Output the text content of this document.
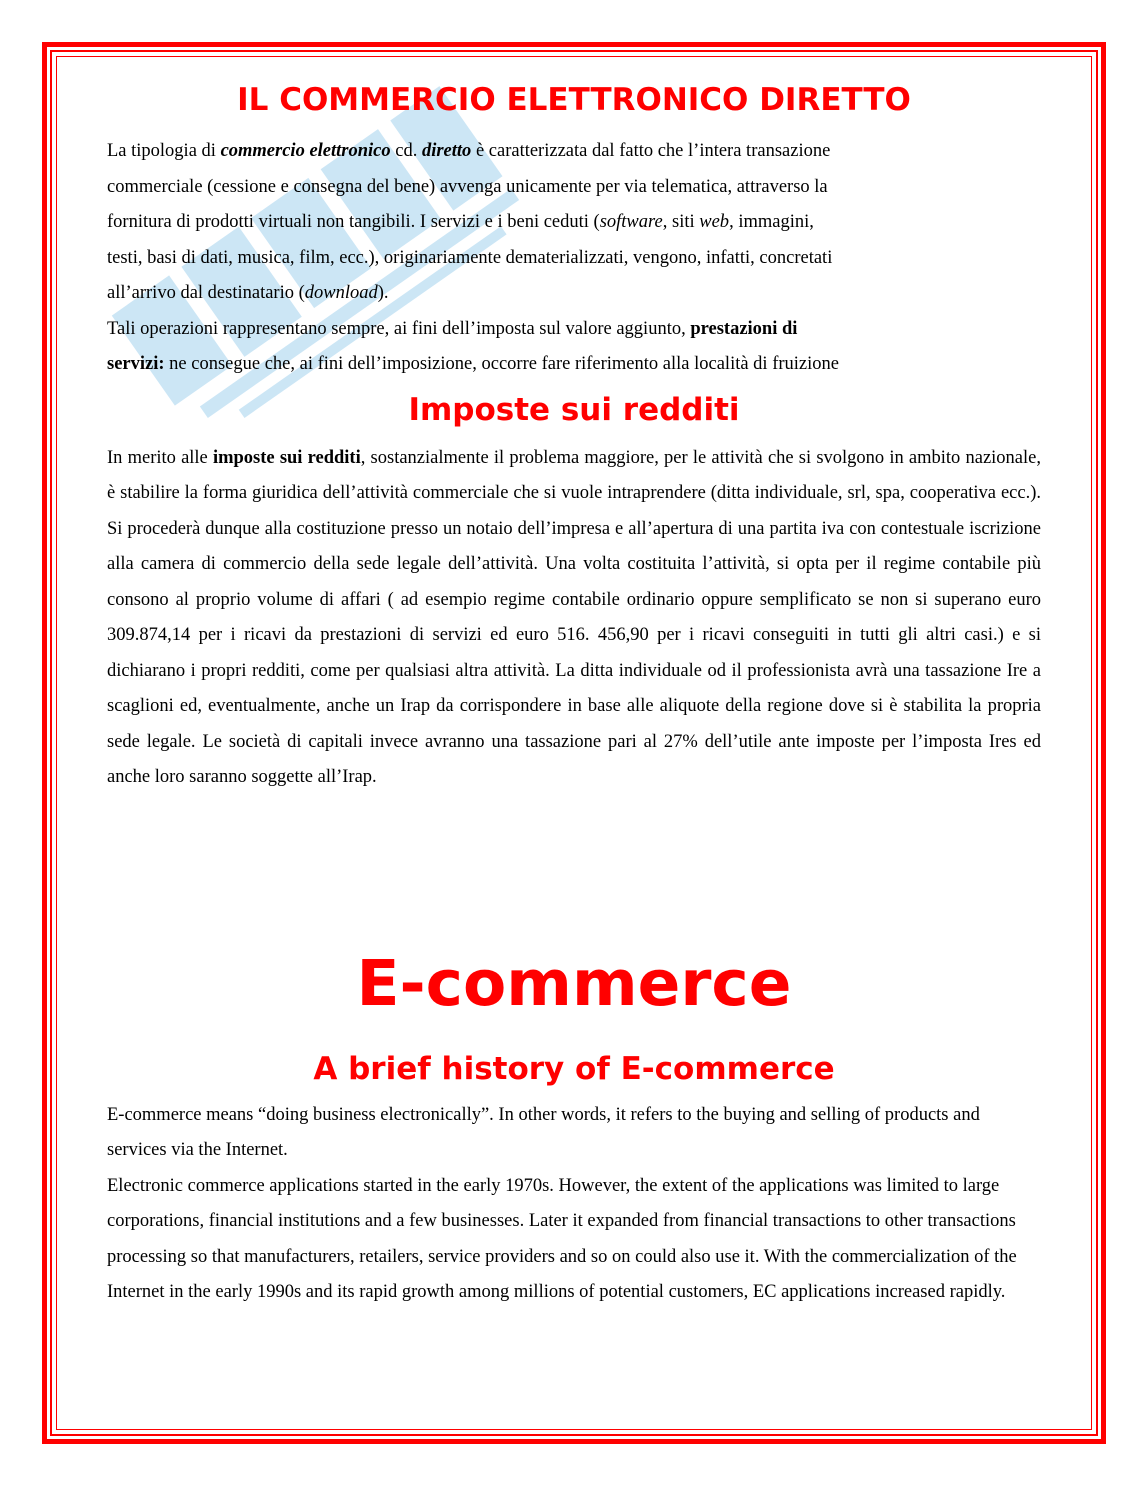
IL COMMERCIO ELETTRONICO DIRETTO

La tipologia di commercio elettronico cd. diretto è caratterizzata dal fatto che l’intera transazione
commerciale (cessione e consegna del bene) avvenga unicamente per via telematica, attraverso la
fornitura di prodotti virtuali non tangibili. I servizi e i beni ceduti (software, siti web, immagini,
testi, basi di dati, musica, film, ecc.), originariamente dematerializzati, vengono, infatti, concretati
all’arrivo dal destinatario (download).

Tali operazioni rappresentano sempre, ai fini dell’imposta sul valore aggiunto, prestazioni di
servizi: ne consegue che, ai fini dell’imposizione, occorre fare riferimento alla località di fruizione

Imposte sui redditi

In merito alle imposte sui redditi, sostanzialmente il problema maggiore, per le attività che si svolgono in ambito nazionale, è stabilire la forma giuridica dell’attività commerciale che si vuole intraprendere (ditta individuale, srl, spa, cooperativa ecc.). Si procederà dunque alla costituzione presso un notaio dell’impresa e all’apertura di una partita iva con contestuale iscrizione alla camera di commercio della sede legale dell’attività. Una volta costituita l’attività, si opta per il regime contabile più consono al proprio volume di affari ( ad esempio regime contabile ordinario oppure semplificato se non si superano euro 309.874,14 per i ricavi da prestazioni di servizi ed euro 516. 456,90 per i ricavi conseguiti in tutti gli altri casi.) e si dichiarano i propri redditi, come per qualsiasi altra attività. La ditta individuale od il professionista avrà una tassazione Ire a scaglioni ed, eventualmente, anche un Irap da corrispondere in base alle aliquote della regione dove si è stabilita la propria sede legale. Le società di capitali invece avranno una tassazione pari al 27% dell’utile ante imposte per l’imposta Ires ed anche loro saranno soggette all’Irap.

E-commerce
A brief history of E-commerce

E-commerce means “doing business electronically”. In other words, it refers to the buying and selling of products and services via the Internet.

Electronic commerce applications started in the early 1970s. However, the extent of the applications was limited to large corporations, financial institutions and a few businesses. Later it expanded from financial transactions to other transactions processing so that manufacturers, retailers, service providers and so on could also use it. With the commercialization of the Internet in the early 1990s and its rapid growth among millions of potential customers, EC applications increased rapidly.
